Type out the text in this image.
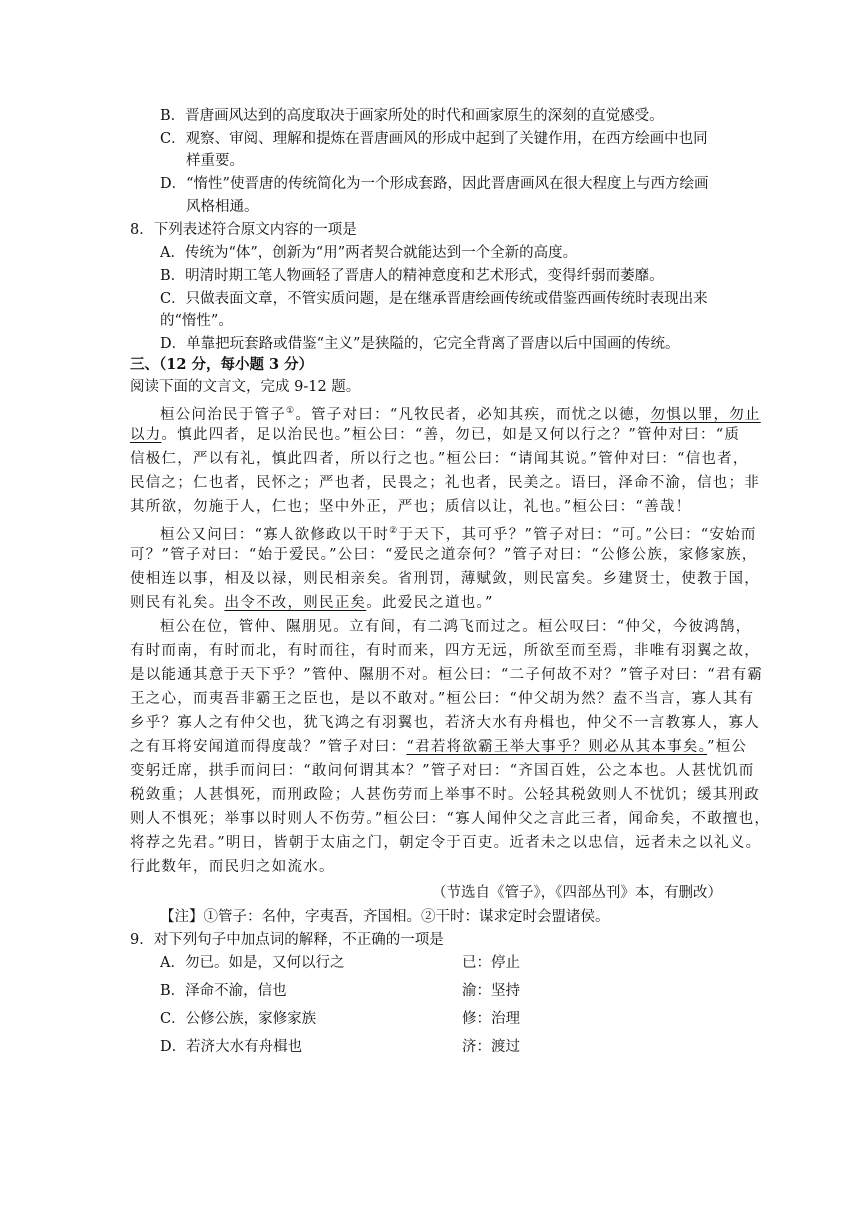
B．晋唐画风达到的高度取决于画家所处的时代和画家原生的深刻的直觉感受。
C．观察、审阅、理解和提炼在晋唐画风的形成中起到了关键作用，在西方绘画中也同
样重要。
D．“惰性”使晋唐的传统简化为一个形成套路，因此晋唐画风在很大程度上与西方绘画
风格相通。
8．下列表述符合原文内容的一项是
A．传统为“体”，创新为“用”两者契合就能达到一个全新的高度。
B．明清时期工笔人物画轻了晋唐人的精神意度和艺术形式，变得纤弱而萎靡。
C．只做表面文章，不管实质问题，是在继承晋唐绘画传统或借鉴西画传统时表现出来
的“惰性”。
D．单靠把玩套路或借鉴“主义”是狭隘的，它完全背离了晋唐以后中国画的传统。
三、（12 分，每小题 3 分）
阅读下面的文言文，完成 9-12 题。
桓公问治民于管子①。管子对曰：“凡牧民者，必知其疾，而忧之以德，勿惧以罪，勿止
以力。慎此四者，足以治民也。”桓公曰：“善，勿已，如是又何以行之？”管仲对曰：“质
信极仁，严以有礼，慎此四者，所以行之也。”桓公曰：“请闻其说。”管仲对曰：“信也者，
民信之；仁也者，民怀之；严也者，民畏之；礼也者，民美之。语曰，泽命不渝，信也；非
其所欲，勿施于人，仁也；坚中外正，严也；质信以让，礼也。”桓公曰：“善哉！
桓公又问曰：“寡人欲修政以干时②于天下，其可乎？”管子对曰：“可。”公曰：“安始而
可？”管子对曰：“始于爱民。”公曰：“爱民之道奈何？”管子对曰：“公修公族，家修家族，
使相连以事，相及以禄，则民相亲矣。省刑罚，薄赋敛，则民富矣。乡建贤士，使教于国，
则民有礼矣。出令不改，则民正矣。此爱民之道也。”
桓公在位，管仲、隰朋见。立有间，有二鸿飞而过之。桓公叹曰：“仲父，今彼鸿鹄，
有时而南，有时而北，有时而往，有时而来，四方无远，所欲至而至焉，非唯有羽翼之故，
是以能通其意于天下乎？”管仲、隰朋不对。桓公曰：“二子何故不对？”管子对曰：“君有霸
王之心，而夷吾非霸王之臣也，是以不敢对。”桓公曰：“仲父胡为然？盍不当言，寡人其有
乡乎？寡人之有仲父也，犹飞鸿之有羽翼也，若济大水有舟楫也，仲父不一言教寡人，寡人
之有耳将安闻道而得度哉？”管子对曰：“君若将欲霸王举大事乎？则必从其本事矣。”桓公
变躬迁席，拱手而问曰：“敢问何谓其本？”管子对曰：“齐国百姓，公之本也。人甚忧饥而
税敛重；人甚惧死，而刑政险；人甚伤劳而上举事不时。公轻其税敛则人不忧饥；缓其刑政
则人不惧死；举事以时则人不伤劳。”桓公曰：“寡人闻仲父之言此三者，闻命矣，不敢擅也，
将荐之先君。”明日，皆朝于太庙之门，朝定令于百吏。近者未之以忠信，远者未之以礼义。
行此数年，而民归之如流水。
（节选自《管子》，《四部丛刊》本，有删改）
【注】①管子：名仲，字夷吾，齐国相。②干时：谋求定时会盟诸侯。
9．对下列句子中加点词的解释，不正确的一项是
A．勿已。如是，又何以行之	已：停止
B．泽命不渝，信也	渝：坚持
C．公修公族，家修家族	修：治理
D．若济大水有舟楫也	济：渡过
